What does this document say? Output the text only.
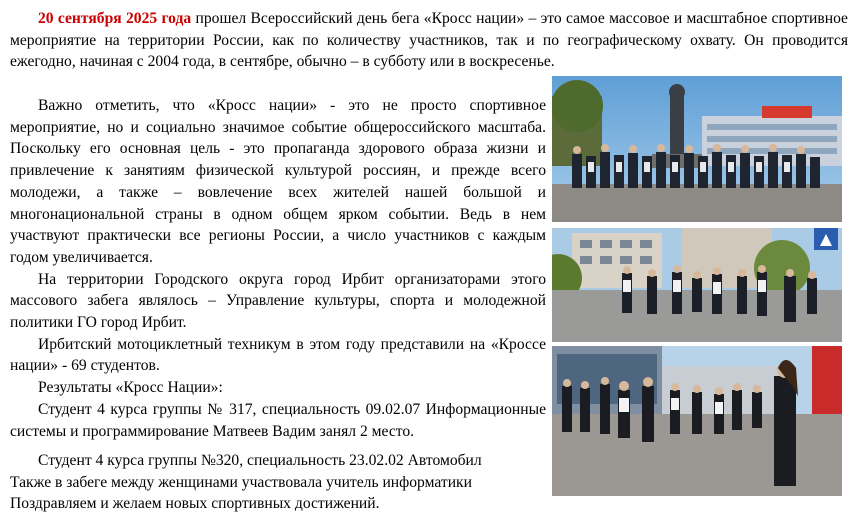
20 сентября 2025 года прошел Всероссийский день бега «Кросс нации» – это самое массовое и масштабное спортивное мероприятие на территории России, как по количеству участников, так и по географическому охвату. Он проводится ежегодно, начиная с 2004 года, в сентябре, обычно – в субботу или в воскресенье.

Важно отметить, что «Кросс нации» - это не просто спортивное мероприятие, но и социально значимое событие общероссийского масштаба. Поскольку его основная цель - это пропаганда здорового образа жизни и привлечение к занятиям физической культурой россиян, и прежде всего молодежи, а также – вовлечение всех жителей нашей большой и многонациональной страны в одном общем ярком событии. Ведь в нем участвуют практически все регионы России, а число участников с каждым годом увеличивается.

На территории Городского округа город Ирбит организаторами этого массового забега являлось – Управление культуры, спорта и молодежной политики ГО город Ирбит.

Ирбитский мотоциклетный техникум в этом году представили на «Кроссе нации» - 69 студентов.

Результаты «Кросс Нации»:

Студент 4 курса группы № 317, специальность 09.02.07 Информационные системы и программирование Матвеев Вадим занял 2 место.

Студент 4 курса группы №320, специальность 23.02.02 Автомобил

Также в забеге между женщинами участвовала учитель информатики

Поздравляем и желаем новых спортивных достижений.
